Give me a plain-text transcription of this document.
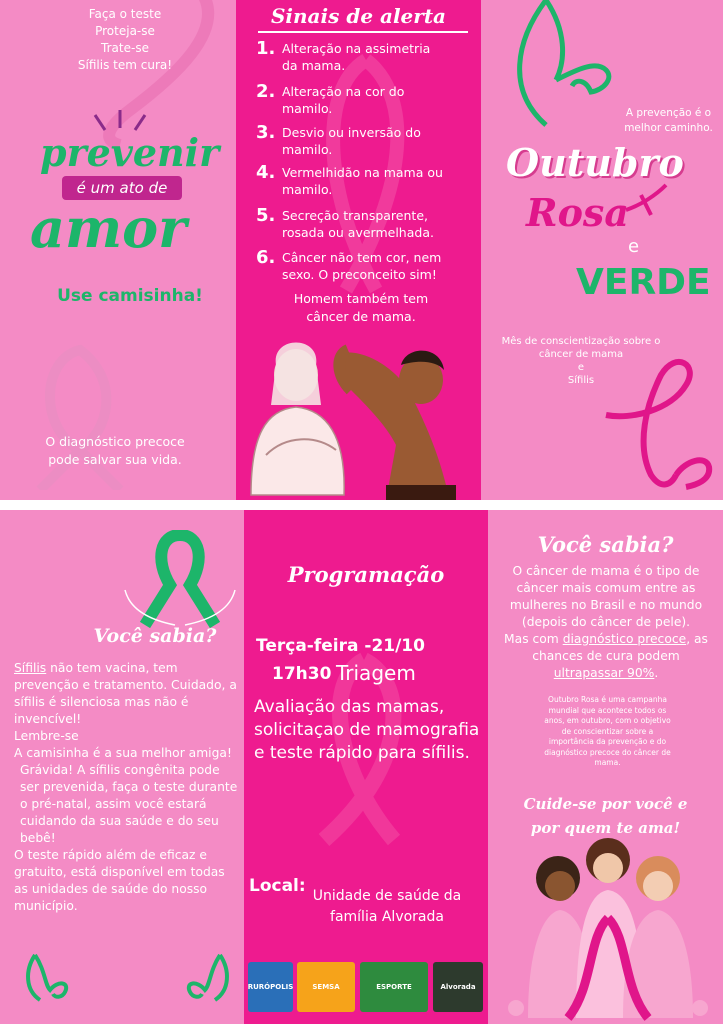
Faça o teste
Proteja-se
Trate-se
Sífilis tem cura!
prevenir
é um ato de
amor
Use camisinha!
O diagnóstico precoce
pode salvar sua vida.
Sinais de alerta
1. Alteração na assimetria
da mama.
2. Alteração na cor do
mamilo.
3. Desvio ou inversão do
mamilo.
4. Vermelhidão na mama ou
mamilo.
5. Secreção transparente,
rosada ou avermelhada.
6. Câncer não tem cor, nem
sexo. O preconceito sim!
Homem também tem
câncer de mama.
A prevenção é o
melhor caminho.
Outubro
Rosa
e
VERDE
Mês de conscientização sobre o
câncer de mama
e
Sífilis
Você sabia?
Sífilis não tem vacina, tem prevenção e tratamento. Cuidado, a sífilis é silenciosa mas não é invencível!
Lembre-se
A camisinha é a sua melhor amiga!
Grávida! A sífilis congênita pode ser prevenida, faça o teste durante o pré-natal, assim você estará cuidando da sua saúde e do seu bebê!
O teste rápido além de eficaz e gratuito, está disponível em todas as unidades de saúde do nosso município.
Programação
Terça-feira -21/10
17h30 Triagem
Avaliação das mamas, solicitaçao de mamografia e teste rápido para sífilis.
Local: Unidade de saúde da
família Alvorada
RURÓPOLIS	SEMSA	ESPORTE	Alvorada
Você sabia?
O câncer de mama é o tipo de câncer mais comum entre as mulheres no Brasil e no mundo (depois do câncer de pele).
Mas com diagnóstico precoce, as chances de cura podem ultrapassar 90%.
Outubro Rosa é uma campanha mundial que acontece todos os anos, em outubro, com o objetivo de conscientizar sobre a importância da prevenção e do diagnóstico precoce do câncer de mama.
Cuide-se por você e
por quem te ama!
